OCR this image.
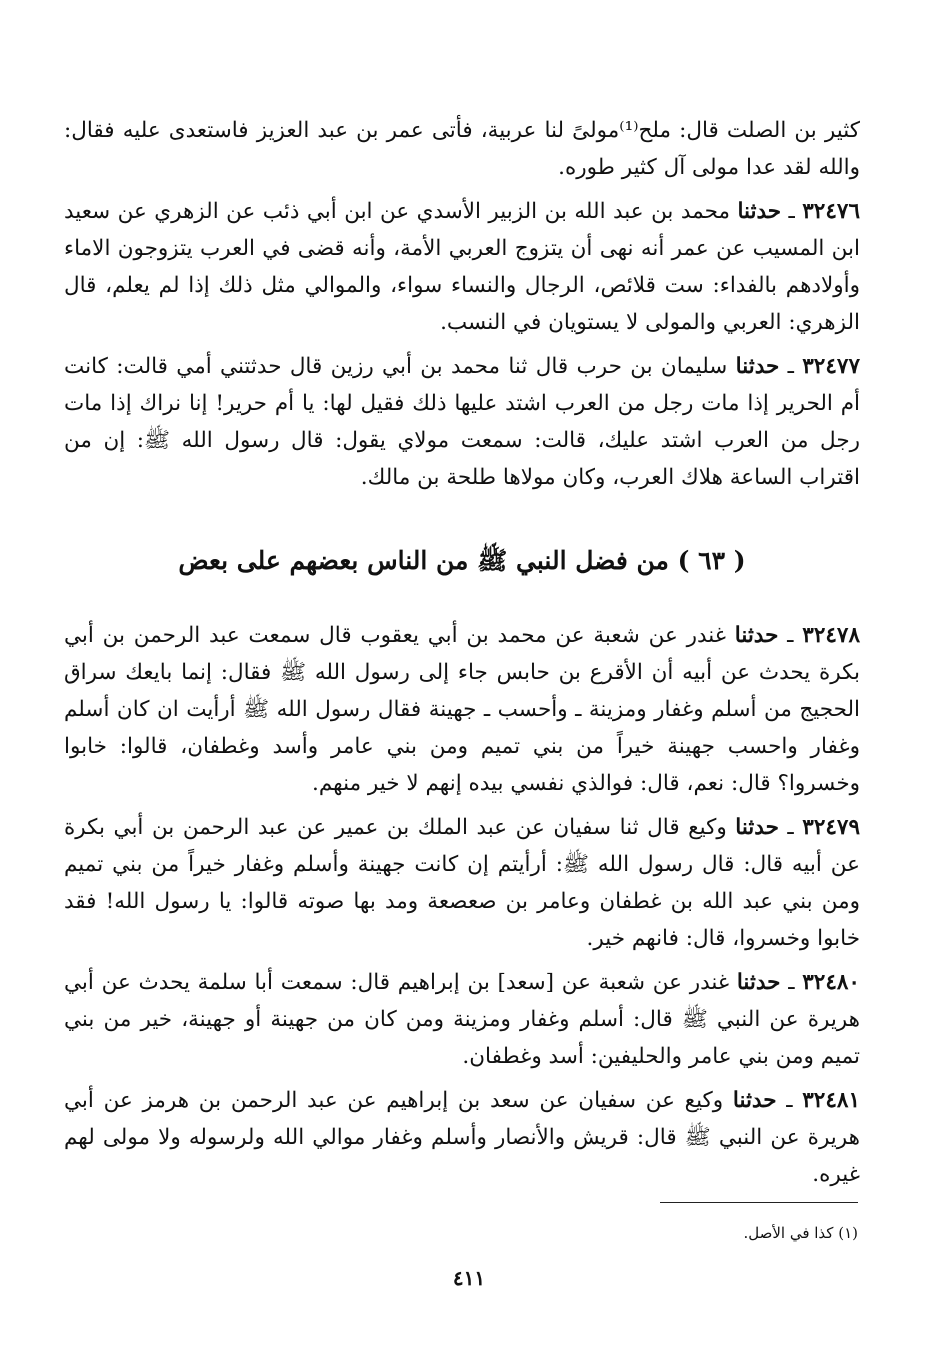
كثير بن الصلت قال: ملح⁽¹⁾مولىً لنا عربية، فأتى عمر بن عبد العزيز فاستعدى عليه فقال: والله لقد عدا مولى آل كثير طوره.

٣٢٤٧٦ ـ حدثنا محمد بن عبد الله بن الزبير الأسدي عن ابن أبي ذئب عن الزهري عن سعيد ابن المسيب عن عمر أنه نهى أن يتزوج العربي الأمة، وأنه قضى في العرب يتزوجون الاماء وأولادهم بالفداء: ست قلائص، الرجال والنساء سواء، والموالي مثل ذلك إذا لم يعلم، قال الزهري: العربي والمولى لا يستويان في النسب.

٣٢٤٧٧ ـ حدثنا سليمان بن حرب قال ثنا محمد بن أبي رزين قال حدثتني أمي قالت: كانت أم الحرير إذا مات رجل من العرب اشتد عليها ذلك فقيل لها: يا أم حرير! إنا نراك إذا مات رجل من العرب اشتد عليك، قالت: سمعت مولاي يقول: قال رسول الله ﷺ: إن من اقتراب الساعة هلاك العرب، وكان مولاها طلحة بن مالك.

( ٦٣ ) من فضل النبي ﷺ من الناس بعضهم على بعض

٣٢٤٧٨ ـ حدثنا غندر عن شعبة عن محمد بن أبي يعقوب قال سمعت عبد الرحمن بن أبي بكرة يحدث عن أبيه أن الأقرع بن حابس جاء إلى رسول الله ﷺ فقال: إنما بايعك سراق الحجيج من أسلم وغفار ومزينة ـ وأحسب ـ جهينة فقال رسول الله ﷺ أرأيت ان كان أسلم وغفار واحسب جهينة خيراً من بني تميم ومن بني عامر وأسد وغطفان، قالوا: خابوا وخسروا؟ قال: نعم، قال: فوالذي نفسي بيده إنهم لا خير منهم.

٣٢٤٧٩ ـ حدثنا وكيع قال ثنا سفيان عن عبد الملك بن عمير عن عبد الرحمن بن أبي بكرة عن أبيه قال: قال رسول الله ﷺ: أرأيتم إن كانت جهينة وأسلم وغفار خيراً من بني تميم ومن بني عبد الله بن غطفان وعامر بن صعصعة ومد بها صوته قالوا: يا رسول الله! فقد خابوا وخسروا، قال: فانهم خير.

٣٢٤٨٠ ـ حدثنا غندر عن شعبة عن [سعد] بن إبراهيم قال: سمعت أبا سلمة يحدث عن أبي هريرة عن النبي ﷺ قال: أسلم وغفار ومزينة ومن كان من جهينة أو جهينة، خير من بني تميم ومن بني عامر والحليفين: أسد وغطفان.

٣٢٤٨١ ـ حدثنا وكيع عن سفيان عن سعد بن إبراهيم عن عبد الرحمن بن هرمز عن أبي هريرة عن النبي ﷺ قال: قريش والأنصار وأسلم وغفار موالي الله ولرسوله ولا مولى لهم غيره.

(١) كذا في الأصل.
٤١١
